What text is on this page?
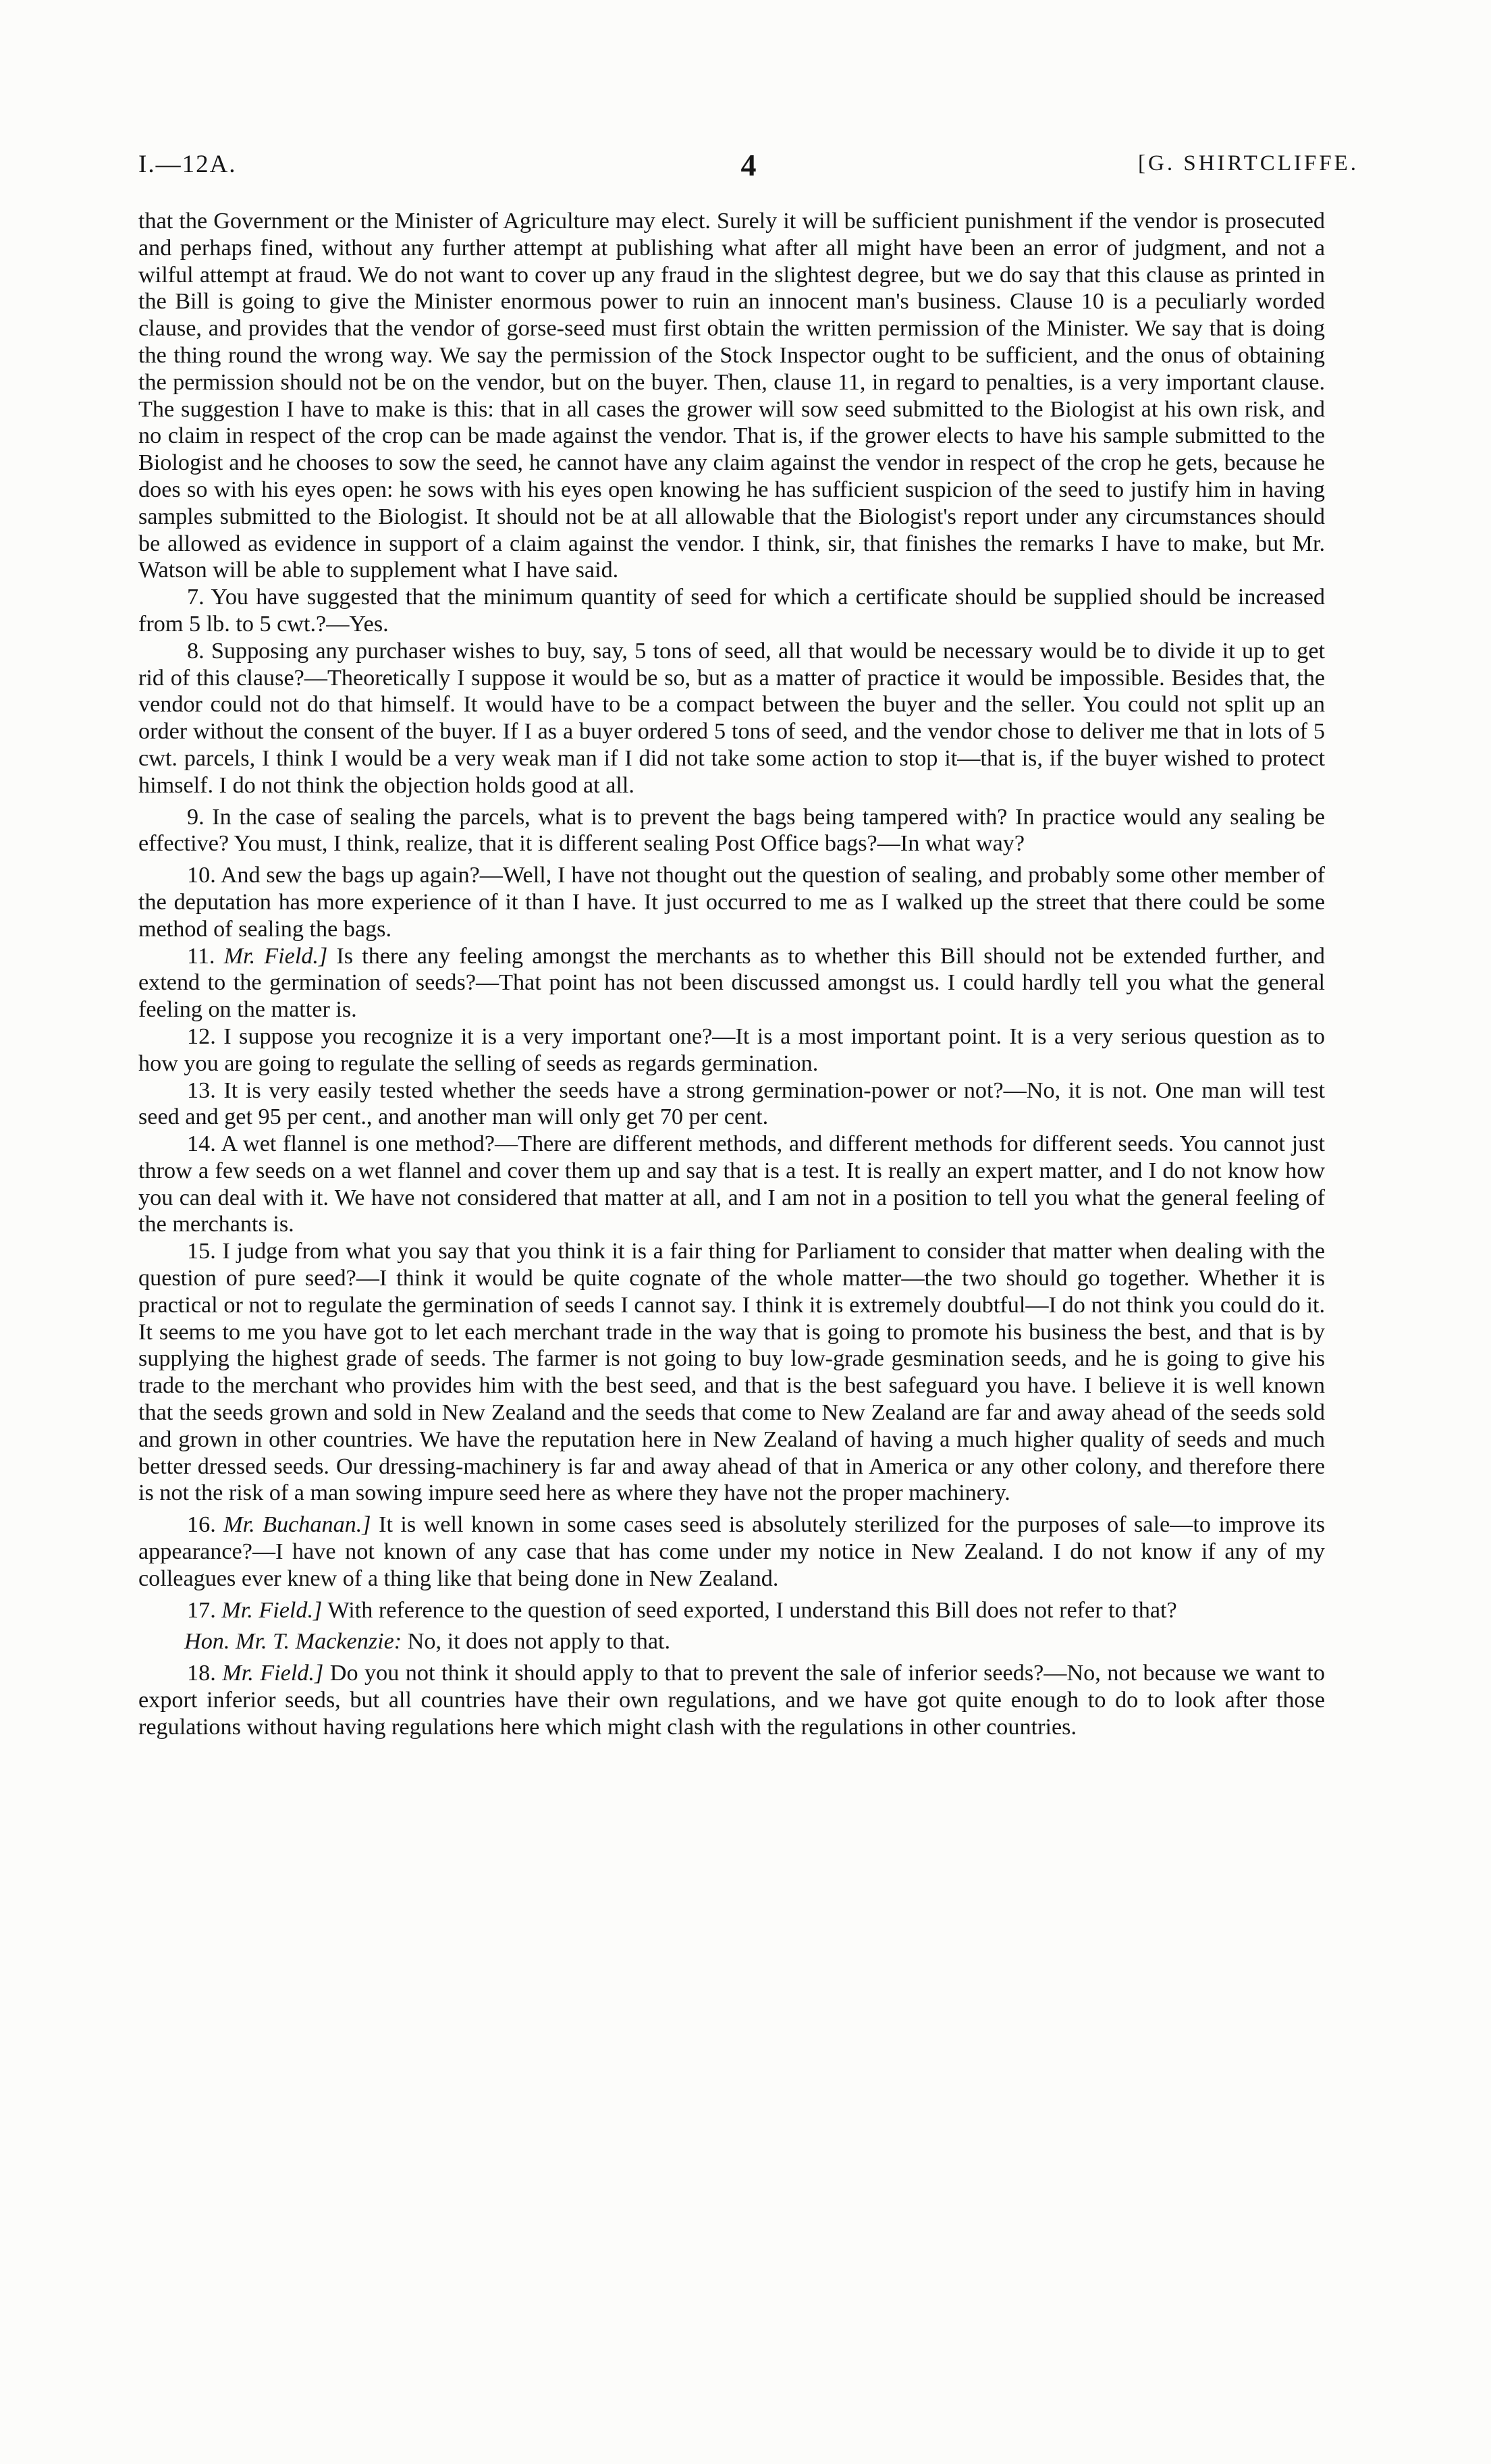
I.—12A.	4	[G. SHIRTCLIFFE.

that the Government or the Minister of Agriculture may elect. Surely it will be sufficient punishment if the vendor is prosecuted and perhaps fined, without any further attempt at publishing what after all might have been an error of judgment, and not a wilful attempt at fraud. We do not want to cover up any fraud in the slightest degree, but we do say that this clause as printed in the Bill is going to give the Minister enormous power to ruin an innocent man's business. Clause 10 is a peculiarly worded clause, and provides that the vendor of gorse-seed must first obtain the written permission of the Minister. We say that is doing the thing round the wrong way. We say the permission of the Stock Inspector ought to be sufficient, and the onus of obtaining the permission should not be on the vendor, but on the buyer. Then, clause 11, in regard to penalties, is a very important clause. The suggestion I have to make is this: that in all cases the grower will sow seed submitted to the Biologist at his own risk, and no claim in respect of the crop can be made against the vendor. That is, if the grower elects to have his sample submitted to the Biologist and he chooses to sow the seed, he cannot have any claim against the vendor in respect of the crop he gets, because he does so with his eyes open: he sows with his eyes open knowing he has sufficient suspicion of the seed to justify him in having samples submitted to the Biologist. It should not be at all allowable that the Biologist's report under any circumstances should be allowed as evidence in support of a claim against the vendor. I think, sir, that finishes the remarks I have to make, but Mr. Watson will be able to supplement what I have said.

7. You have suggested that the minimum quantity of seed for which a certificate should be supplied should be increased from 5 lb. to 5 cwt.?—Yes.

8. Supposing any purchaser wishes to buy, say, 5 tons of seed, all that would be necessary would be to divide it up to get rid of this clause?—Theoretically I suppose it would be so, but as a matter of practice it would be impossible. Besides that, the vendor could not do that himself. It would have to be a compact between the buyer and the seller. You could not split up an order without the consent of the buyer. If I as a buyer ordered 5 tons of seed, and the vendor chose to deliver me that in lots of 5 cwt. parcels, I think I would be a very weak man if I did not take some action to stop it—that is, if the buyer wished to protect himself. I do not think the objection holds good at all.

9. In the case of sealing the parcels, what is to prevent the bags being tampered with? In practice would any sealing be effective? You must, I think, realize, that it is different sealing Post Office bags?—In what way?

10. And sew the bags up again?—Well, I have not thought out the question of sealing, and probably some other member of the deputation has more experience of it than I have. It just occurred to me as I walked up the street that there could be some method of sealing the bags.

11. Mr. Field.] Is there any feeling amongst the merchants as to whether this Bill should not be extended further, and extend to the germination of seeds?—That point has not been discussed amongst us. I could hardly tell you what the general feeling on the matter is.

12. I suppose you recognize it is a very important one?—It is a most important point. It is a very serious question as to how you are going to regulate the selling of seeds as regards germination.

13. It is very easily tested whether the seeds have a strong germination-power or not?—No, it is not. One man will test seed and get 95 per cent., and another man will only get 70 per cent.

14. A wet flannel is one method?—There are different methods, and different methods for different seeds. You cannot just throw a few seeds on a wet flannel and cover them up and say that is a test. It is really an expert matter, and I do not know how you can deal with it. We have not considered that matter at all, and I am not in a position to tell you what the general feeling of the merchants is.

15. I judge from what you say that you think it is a fair thing for Parliament to consider that matter when dealing with the question of pure seed?—I think it would be quite cognate of the whole matter—the two should go together. Whether it is practical or not to regulate the germination of seeds I cannot say. I think it is extremely doubtful—I do not think you could do it. It seems to me you have got to let each merchant trade in the way that is going to promote his business the best, and that is by supplying the highest grade of seeds. The farmer is not going to buy low-grade gesmination seeds, and he is going to give his trade to the merchant who provides him with the best seed, and that is the best safeguard you have. I believe it is well known that the seeds grown and sold in New Zealand and the seeds that come to New Zealand are far and away ahead of the seeds sold and grown in other countries. We have the reputation here in New Zealand of having a much higher quality of seeds and much better dressed seeds. Our dressing-machinery is far and away ahead of that in America or any other colony, and therefore there is not the risk of a man sowing impure seed here as where they have not the proper machinery.

16. Mr. Buchanan.] It is well known in some cases seed is absolutely sterilized for the purposes of sale—to improve its appearance?—I have not known of any case that has come under my notice in New Zealand. I do not know if any of my colleagues ever knew of a thing like that being done in New Zealand.

17. Mr. Field.] With reference to the question of seed exported, I understand this Bill does not refer to that?

Hon. Mr. T. Mackenzie: No, it does not apply to that.

18. Mr. Field.] Do you not think it should apply to that to prevent the sale of inferior seeds?—No, not because we want to export inferior seeds, but all countries have their own regulations, and we have got quite enough to do to look after those regulations without having regulations here which might clash with the regulations in other countries.
